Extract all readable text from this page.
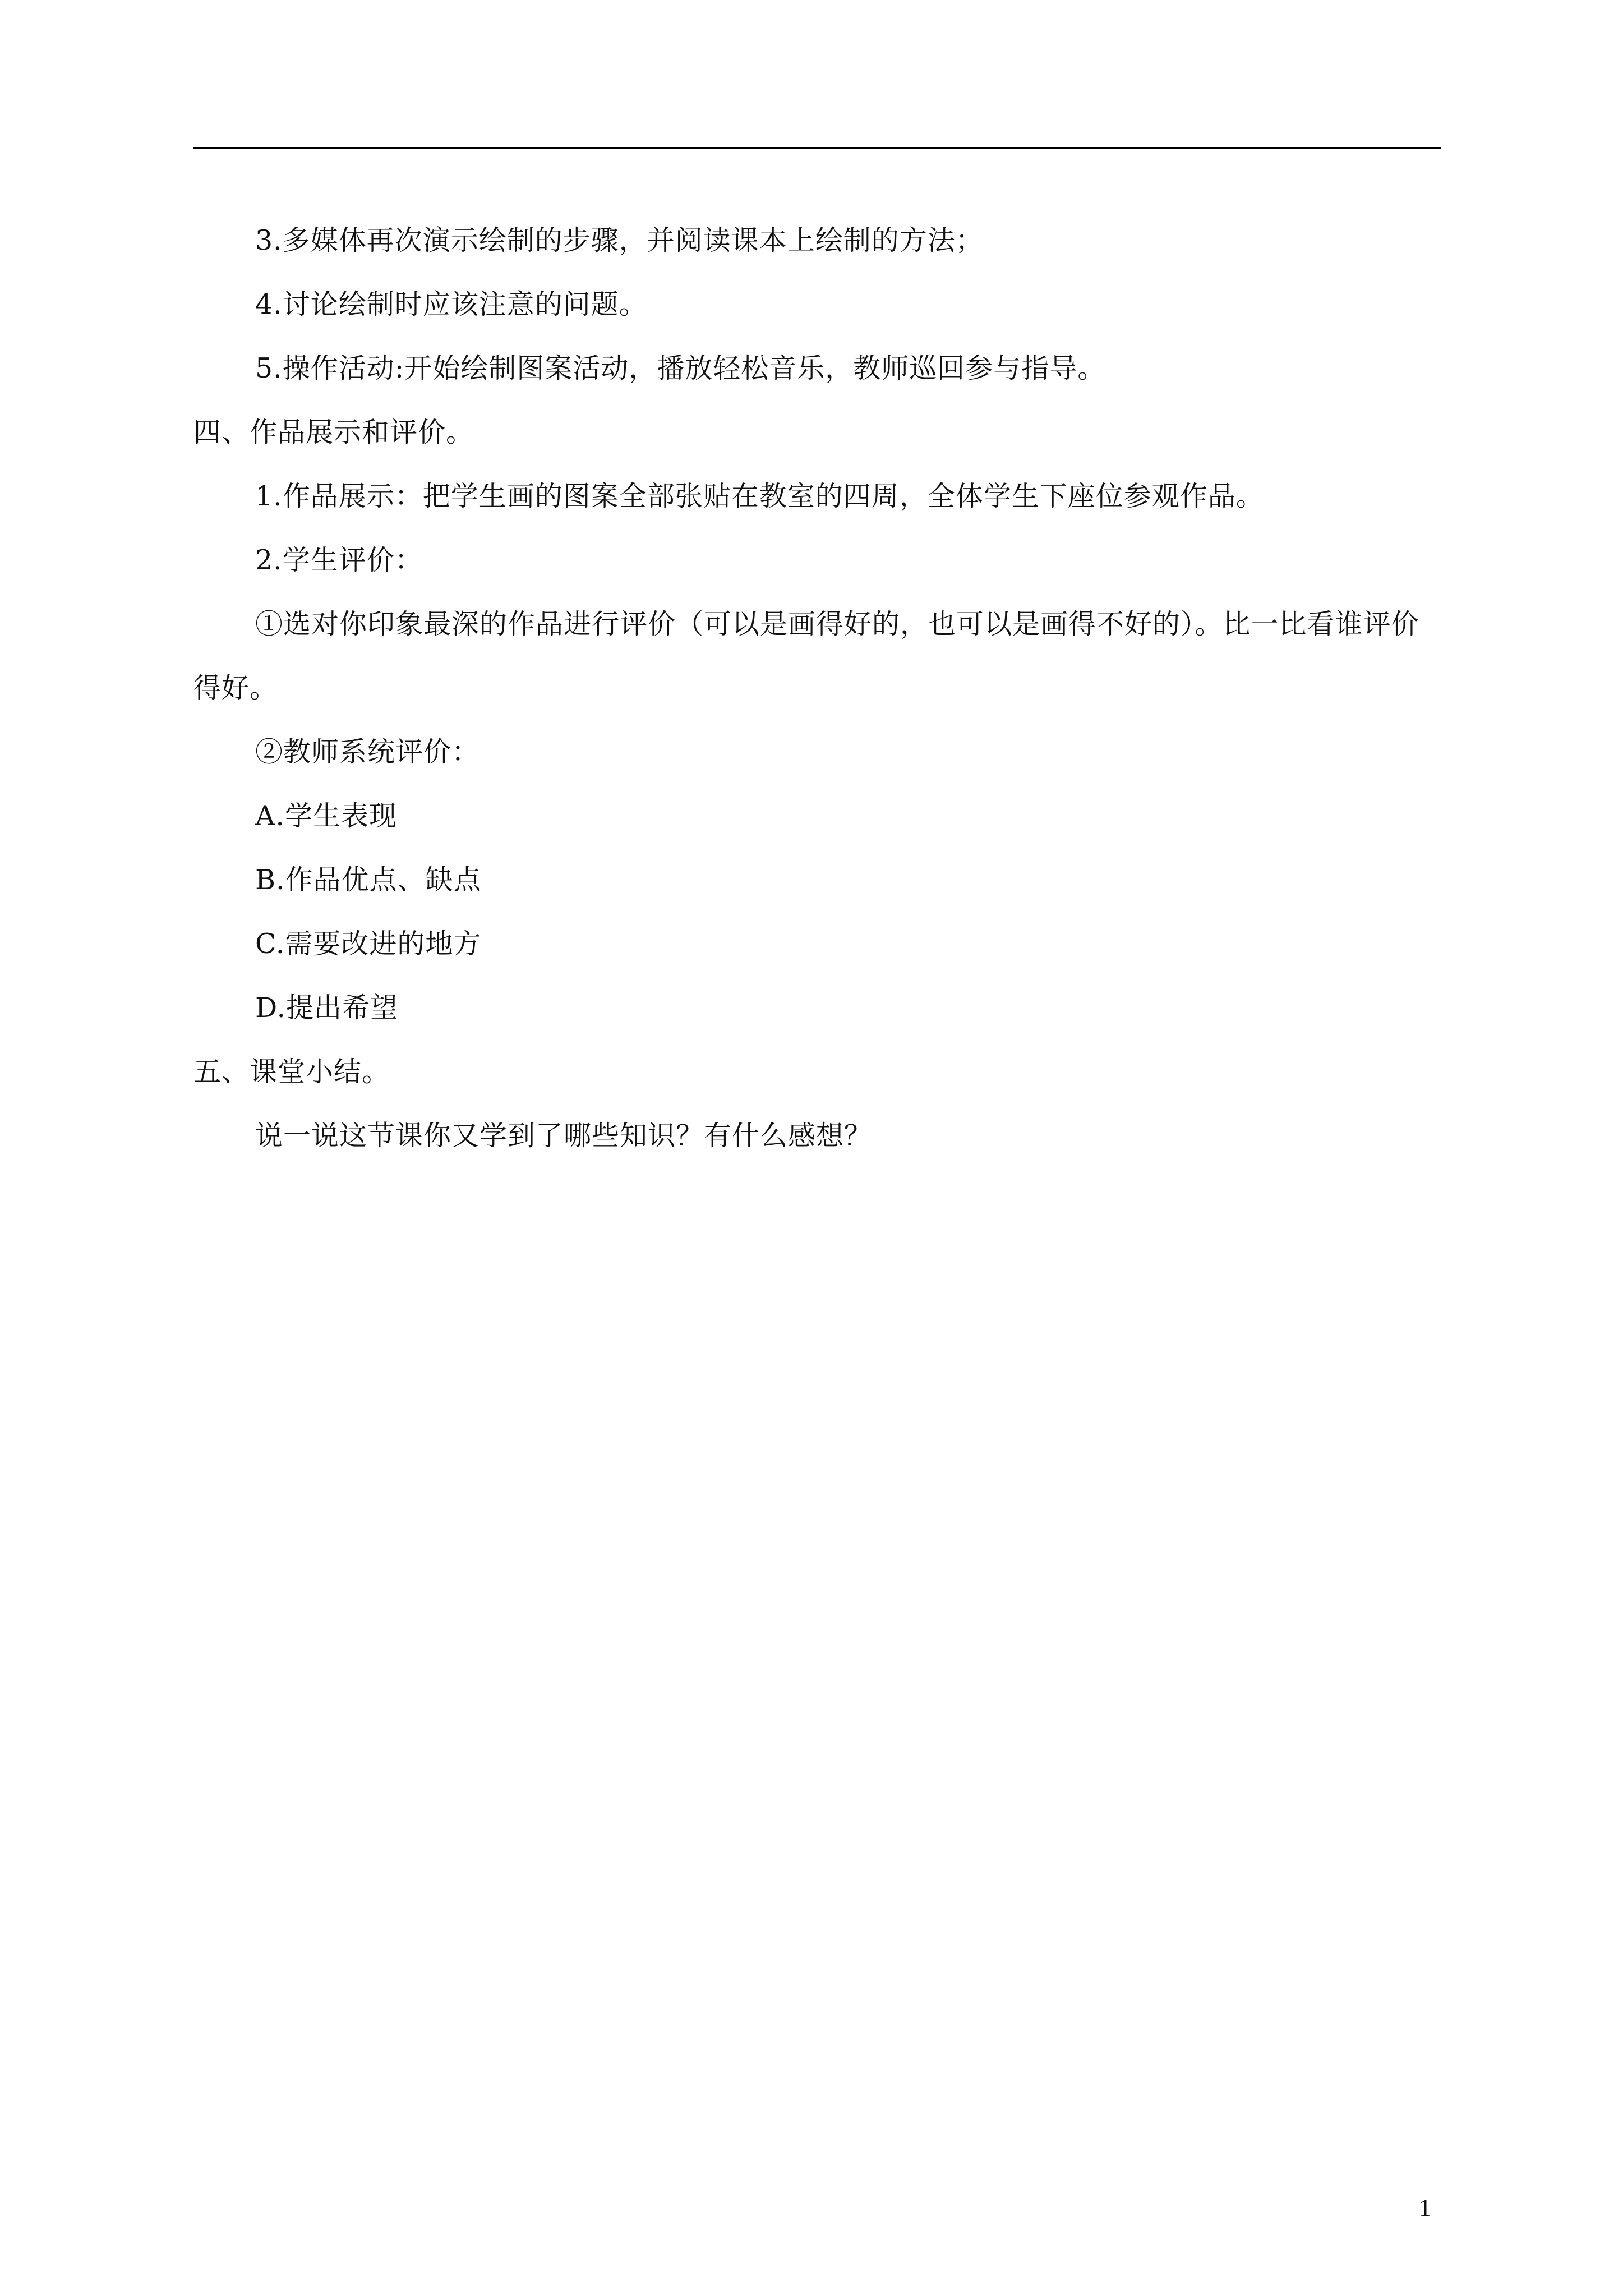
3.多媒体再次演示绘制的步骤，并阅读课本上绘制的方法；
4.讨论绘制时应该注意的问题。
5.操作活动:开始绘制图案活动，播放轻松音乐，教师巡回参与指导。
四、作品展示和评价。
1.作品展示：把学生画的图案全部张贴在教室的四周，全体学生下座位参观作品。
2.学生评价：
①选对你印象最深的作品进行评价（可以是画得好的，也可以是画得不好的）。比一比看谁评价得好。
②教师系统评价：
A.学生表现
B.作品优点、缺点
C.需要改进的地方
D.提出希望
五、课堂小结。
说一说这节课你又学到了哪些知识？有什么感想？
1
